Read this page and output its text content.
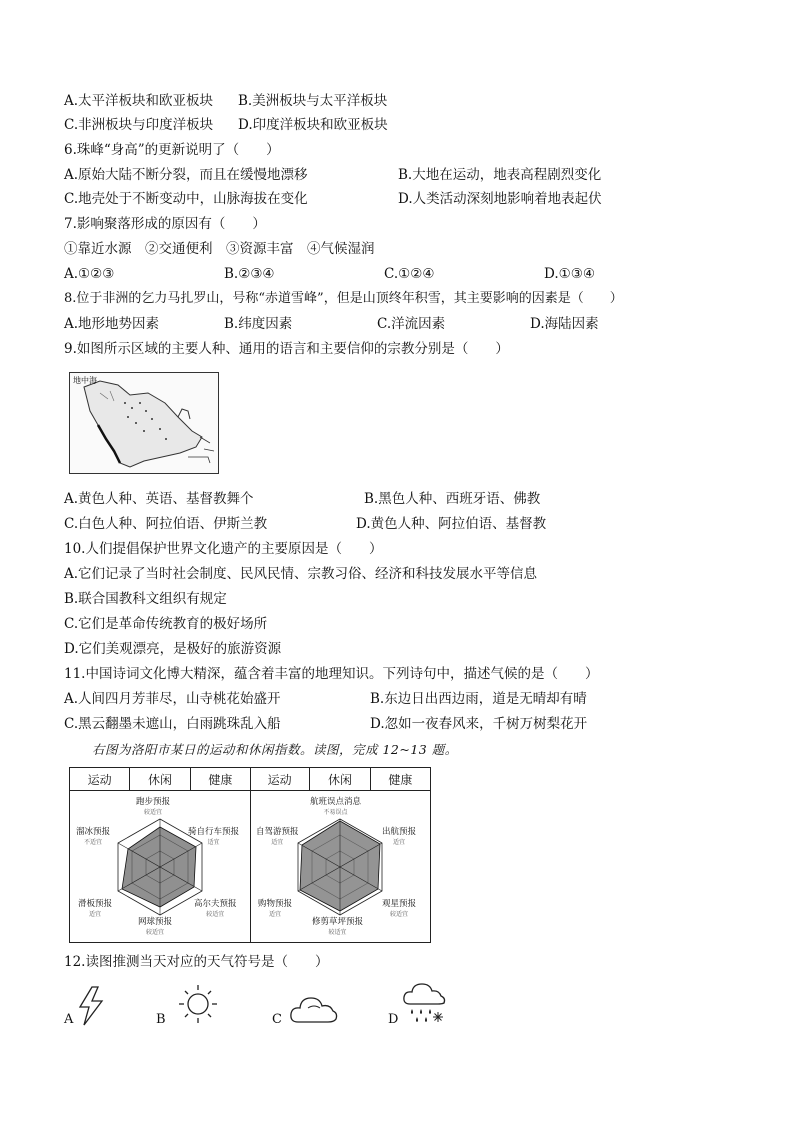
A.太平洋板块和欧亚板块 B.美洲板块与太平洋板块
C.非洲板块与印度洋板块 D.印度洋板块和欧亚板块
6.珠峰“身高”的更新说明了（　　）
A.原始大陆不断分裂，而且在缓慢地漂移	B.大地在运动，地表高程剧烈变化
C.地壳处于不断变动中，山脉海拔在变化	D.人类活动深刻地影响着地表起伏
7.影响聚落形成的原因有（　　）
①靠近水源　②交通便利　③资源丰富　④气候湿润
A.①②③	B.②③④	C.①②④	D.①③④
8.位于非洲的乞力马扎罗山，号称“赤道雪峰”，但是山顶终年积雪，其主要影响的因素是（　　）
A.地形地势因素	B.纬度因素	C.洋流因素	D.海陆因素
9.如图所示区域的主要人种、通用的语言和主要信仰的宗教分别是（　　）
地中海
A.黄色人种、英语、基督教舞个	B.黑色人种、西班牙语、佛教
C.白色人种、阿拉伯语、伊斯兰教	D.黄色人种、阿拉伯语、基督教
10.人们提倡保护世界文化遗产的主要原因是（　　）
A.它们记录了当时社会制度、民风民情、宗教习俗、经济和科技发展水平等信息
B.联合国教科文组织有规定
C.它们是革命传统教育的极好场所
D.它们美观漂亮，是极好的旅游资源
11.中国诗词文化博大精深，蕴含着丰富的地理知识。下列诗句中，描述气候的是（　　）
A.人间四月芳菲尽，山寺桃花始盛开	B.东边日出西边雨，道是无晴却有晴
C.黑云翻墨未遮山，白雨跳珠乱入船	D.忽如一夜春风来，千树万树梨花开
右图为洛阳市某日的运动和休闲指数。读图，完成 12~13 题。
运动	休闲	健康	运动	休闲	健康
跑步预报
较适宜
溜冰预报
不适宜
骑自行车预报
适宜
滑板预报
适宜
高尔夫预报
较适宜
网球预报
较适宜
航班误点消息
不易误点
自驾游预报
适宜
出航预报
适宜
购物预报
适宜
观星预报
较适宜
修剪草坪预报
较适宜
12.读图推测当天对应的天气符号是（　　）
A	B	C	D
